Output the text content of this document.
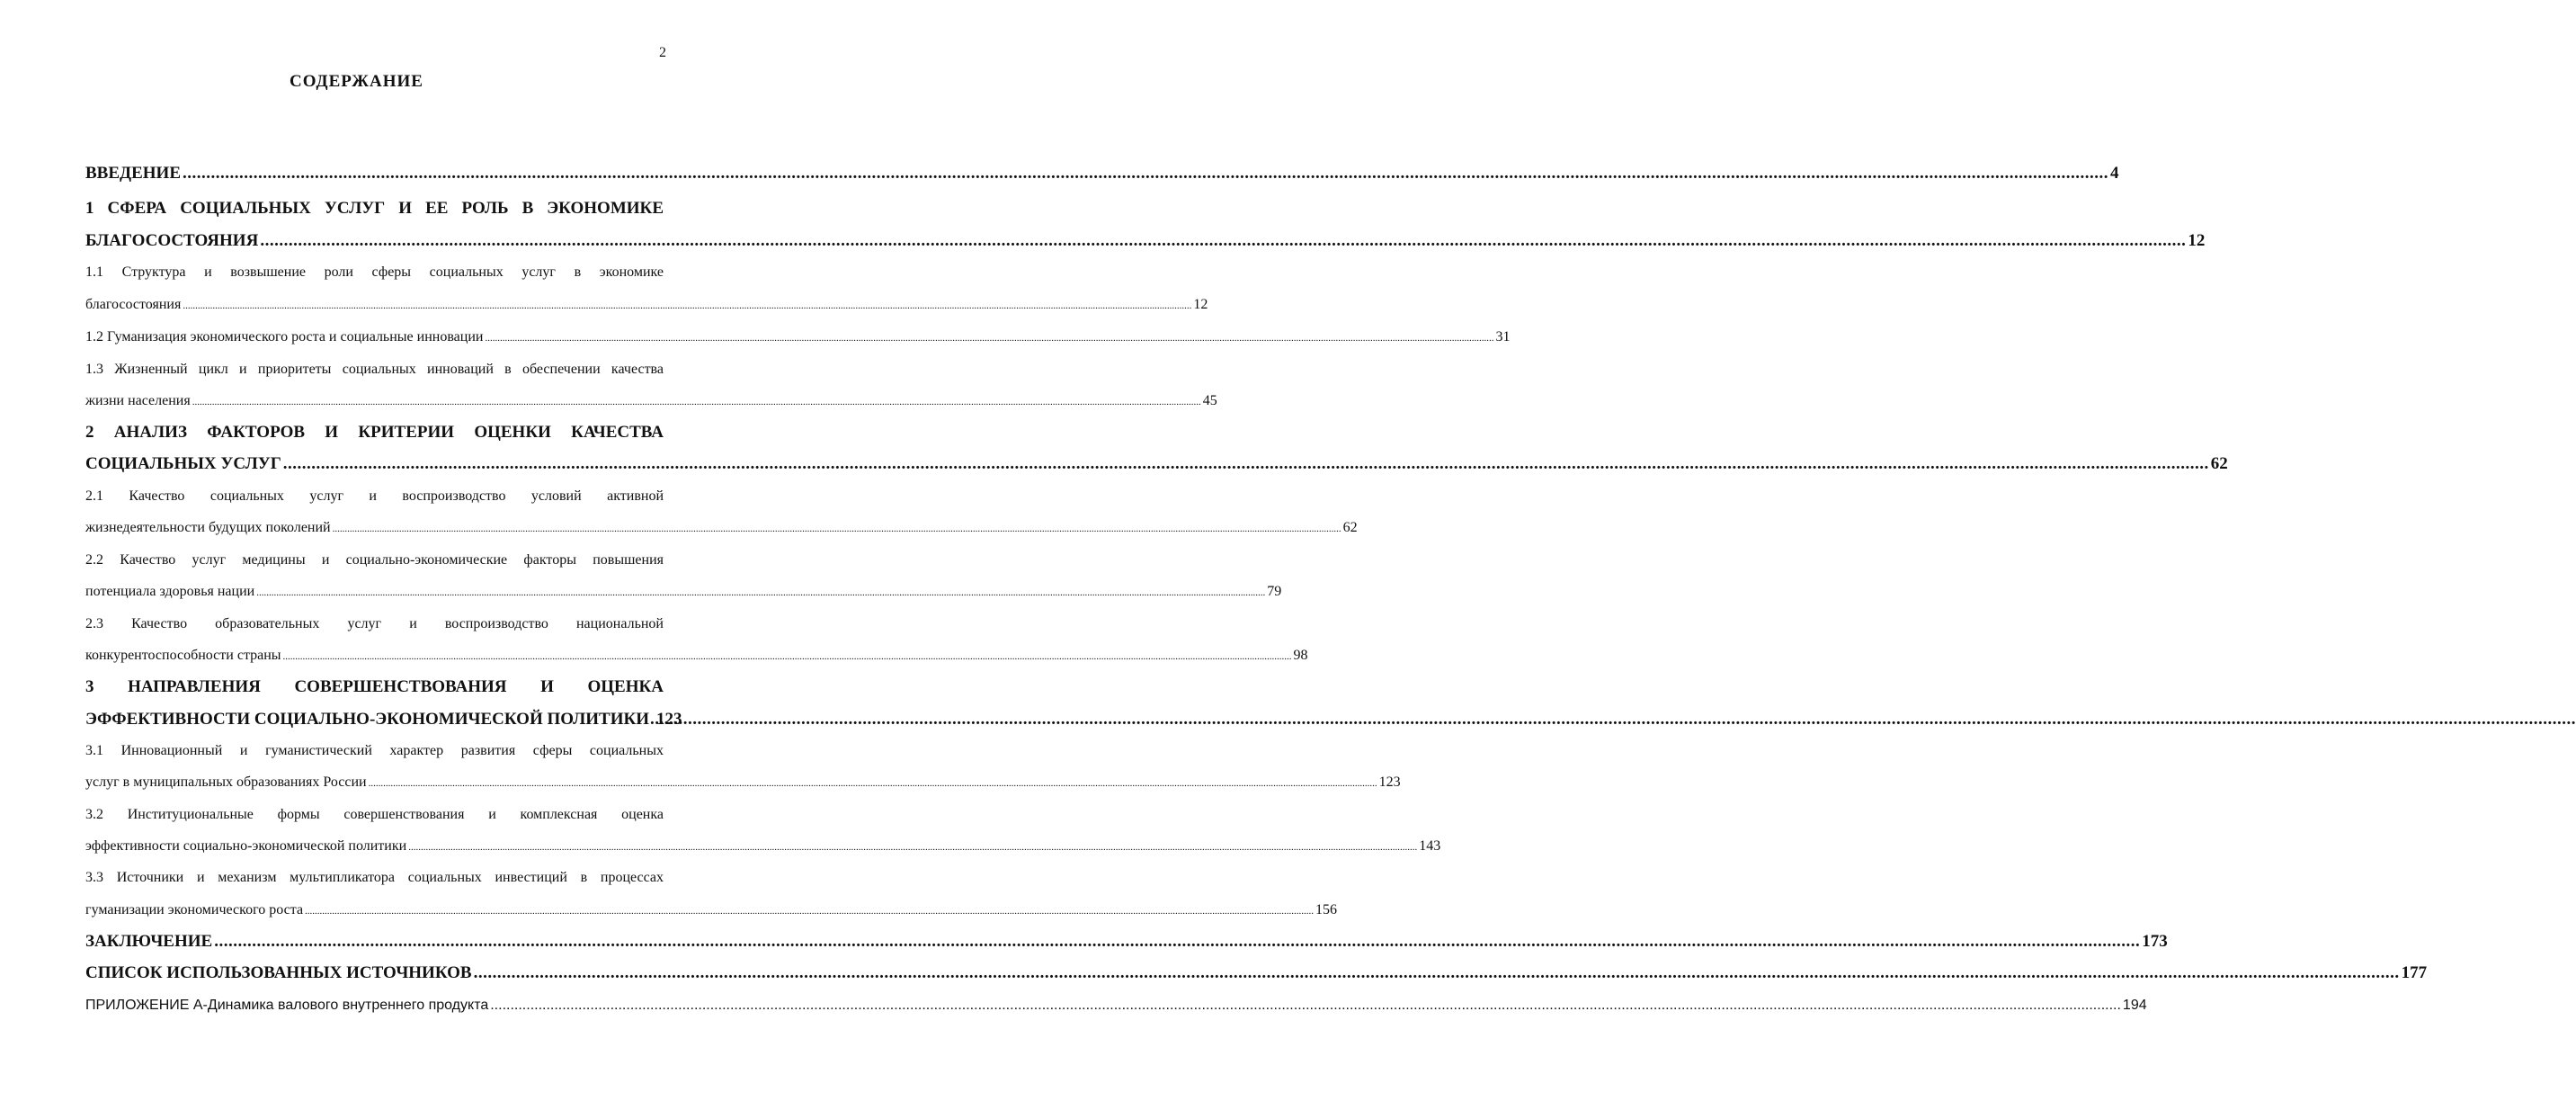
2
СОДЕРЖАНИЕ
ВВЕДЕНИЕ .....	4
1 СФЕРА СОЦИАЛЬНЫХ УСЛУГ И ЕЕ РОЛЬ В ЭКОНОМИКЕ
БЛАГОСОСТОЯНИЯ .....	12
1.1 Структура и возвышение роли сферы социальных услуг в экономике
благосостояния .....	12
1.2 Гуманизация экономического роста и социальные инновации .....	31
1.3 Жизненный цикл и приоритеты социальных инноваций в обеспечении качества
жизни населения .....	45
2 АНАЛИЗ ФАКТОРОВ И КРИТЕРИИ ОЦЕНКИ КАЧЕСТВА
СОЦИАЛЬНЫХ УСЛУГ .....	62
2.1 Качество социальных услуг и воспроизводство условий активной
жизнедеятельности будущих поколений .....	62
2.2 Качество услуг медицины и социально-экономические факторы повышения
потенциала здоровья нации .....	79
2.3 Качество образовательных услуг и воспроизводство национальной
конкурентоспособности страны .....	98
3 НАПРАВЛЕНИЯ СОВЕРШЕНСТВОВАНИЯ И ОЦЕНКА
ЭФФЕКТИВНОСТИ СОЦИАЛЬНО-ЭКОНОМИЧЕСКОЙ ПОЛИТИКИ ..... 123
3.1 Инновационный и гуманистический характер развития сферы социальных
услуг в муниципальных образованиях России .....	123
3.2 Институциональные формы совершенствования и комплексная оценка
эффективности социально-экономической политики .....	143
3.3 Источники и механизм мультипликатора социальных инвестиций в процессах
гуманизации экономического роста .....	156
ЗАКЛЮЧЕНИЕ .....	173
СПИСОК ИСПОЛЬЗОВАННЫХ ИСТОЧНИКОВ .....	177
ПРИЛОЖЕНИЕ А-Динамика валового внутреннего продукта .....	194
